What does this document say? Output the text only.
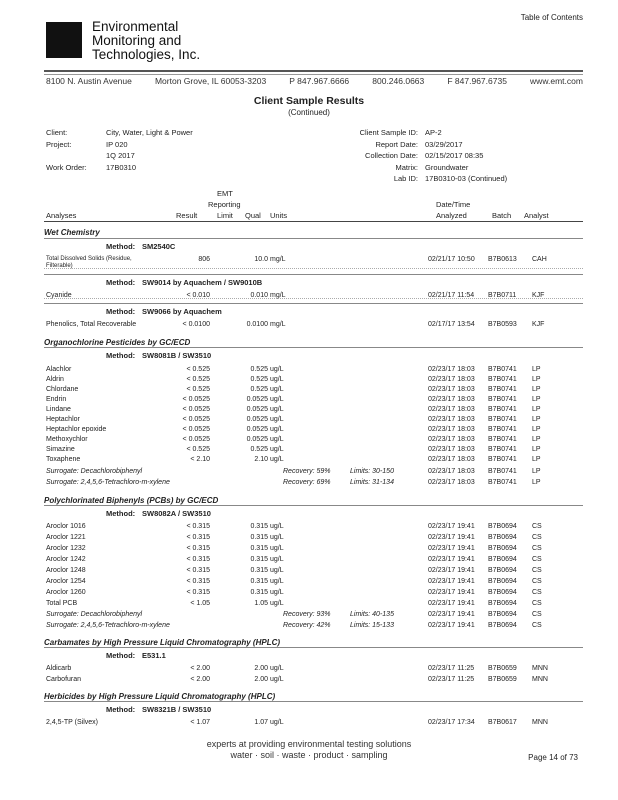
Table of Contents
Environmental
Monitoring and
Technologies, Inc.
8100 N. Austin Avenue	Morton Grove, IL 60053-3203	P 847.967.6666	800.246.0663	F 847.967.6735	www.emt.com
Client Sample Results
(Continued)
Client:	City, Water, Light & Power
Project:	IP 020
1Q 2017
Work Order:	17B0310
Client Sample ID: AP-2
Report Date: 03/29/2017
Collection Date: 02/15/2017 08:35
Matrix: Groundwater
Lab ID: 17B0310-03 (Continued)
EMT
Reporting	Date/Time
Analyses	Result	Limit Qual Units	Analyzed	Batch Analyst
Wet Chemistry
Method: SM2540C
Total Dissolved Solids (Residue, Filterable)
806	10.0 mg/L	02/21/17 10:50 B7B0613 CAH
Method: SW9014 by Aquachem / SW9010B
Cyanide	< 0.010	0.010 mg/L	02/21/17 11:54 B7B0711 KJF
Method: SW9066 by Aquachem
Phenolics, Total Recoverable	< 0.0100	0.0100 mg/L	02/17/17 13:54 B7B0593 KJF
Organochlorine Pesticides by GC/ECD
Method: SW8081B / SW3510
Alachlor	< 0.525	0.525 ug/L	02/23/17 18:03 B7B0741 LP
Aldrin	< 0.525	0.525 ug/L	02/23/17 18:03 B7B0741 LP
Chlordane	< 0.525	0.525 ug/L	02/23/17 18:03 B7B0741 LP
Endrin	< 0.0525	0.0525 ug/L	02/23/17 18:03 B7B0741 LP
Lindane	< 0.0525	0.0525 ug/L	02/23/17 18:03 B7B0741 LP
Heptachlor	< 0.0525	0.0525 ug/L	02/23/17 18:03 B7B0741 LP
Heptachlor epoxide	< 0.0525	0.0525 ug/L	02/23/17 18:03 B7B0741 LP
Methoxychlor	< 0.0525	0.0525 ug/L	02/23/17 18:03 B7B0741 LP
Simazine	< 0.525	0.525 ug/L	02/23/17 18:03 B7B0741 LP
Toxaphene	< 2.10	2.10 ug/L	02/23/17 18:03 B7B0741 LP
Surrogate: Decachlorobiphenyl	Recovery: 59%	Limits: 30-150	02/23/17 18:03 B7B0741 LP
Surrogate: 2,4,5,6-Tetrachloro-m-xylene	Recovery: 69%	Limits: 31-134	02/23/17 18:03 B7B0741 LP
Polychlorinated Biphenyls (PCBs) by GC/ECD
Method: SW8082A / SW3510
Aroclor 1016	< 0.315	0.315 ug/L	02/23/17 19:41 B7B0694 CS
Aroclor 1221	< 0.315	0.315 ug/L	02/23/17 19:41 B7B0694 CS
Aroclor 1232	< 0.315	0.315 ug/L	02/23/17 19:41 B7B0694 CS
Aroclor 1242	< 0.315	0.315 ug/L	02/23/17 19:41 B7B0694 CS
Aroclor 1248	< 0.315	0.315 ug/L	02/23/17 19:41 B7B0694 CS
Aroclor 1254	< 0.315	0.315 ug/L	02/23/17 19:41 B7B0694 CS
Aroclor 1260	< 0.315	0.315 ug/L	02/23/17 19:41 B7B0694 CS
Total PCB	< 1.05	1.05 ug/L	02/23/17 19:41 B7B0694 CS
Surrogate: Decachlorobiphenyl	Recovery: 93%	Limits: 40-135	02/23/17 19:41 B7B0694 CS
Surrogate: 2,4,5,6-Tetrachloro-m-xylene	Recovery: 42%	Limits: 15-133	02/23/17 19:41 B7B0694 CS
Carbamates by High Pressure Liquid Chromatography (HPLC)
Method: E531.1
Aldicarb	< 2.00	2.00 ug/L	02/23/17 11:25 B7B0659 MNN
Carbofuran	< 2.00	2.00 ug/L	02/23/17 11:25 B7B0659 MNN
Herbicides by High Pressure Liquid Chromatography (HPLC)
Method: SW8321B / SW3510
2,4,5-TP (Silvex)	< 1.07	1.07 ug/L	02/23/17 17:34 B7B0617 MNN
experts at providing environmental testing solutions
water · soil · waste · product · sampling	Page 14 of 73
